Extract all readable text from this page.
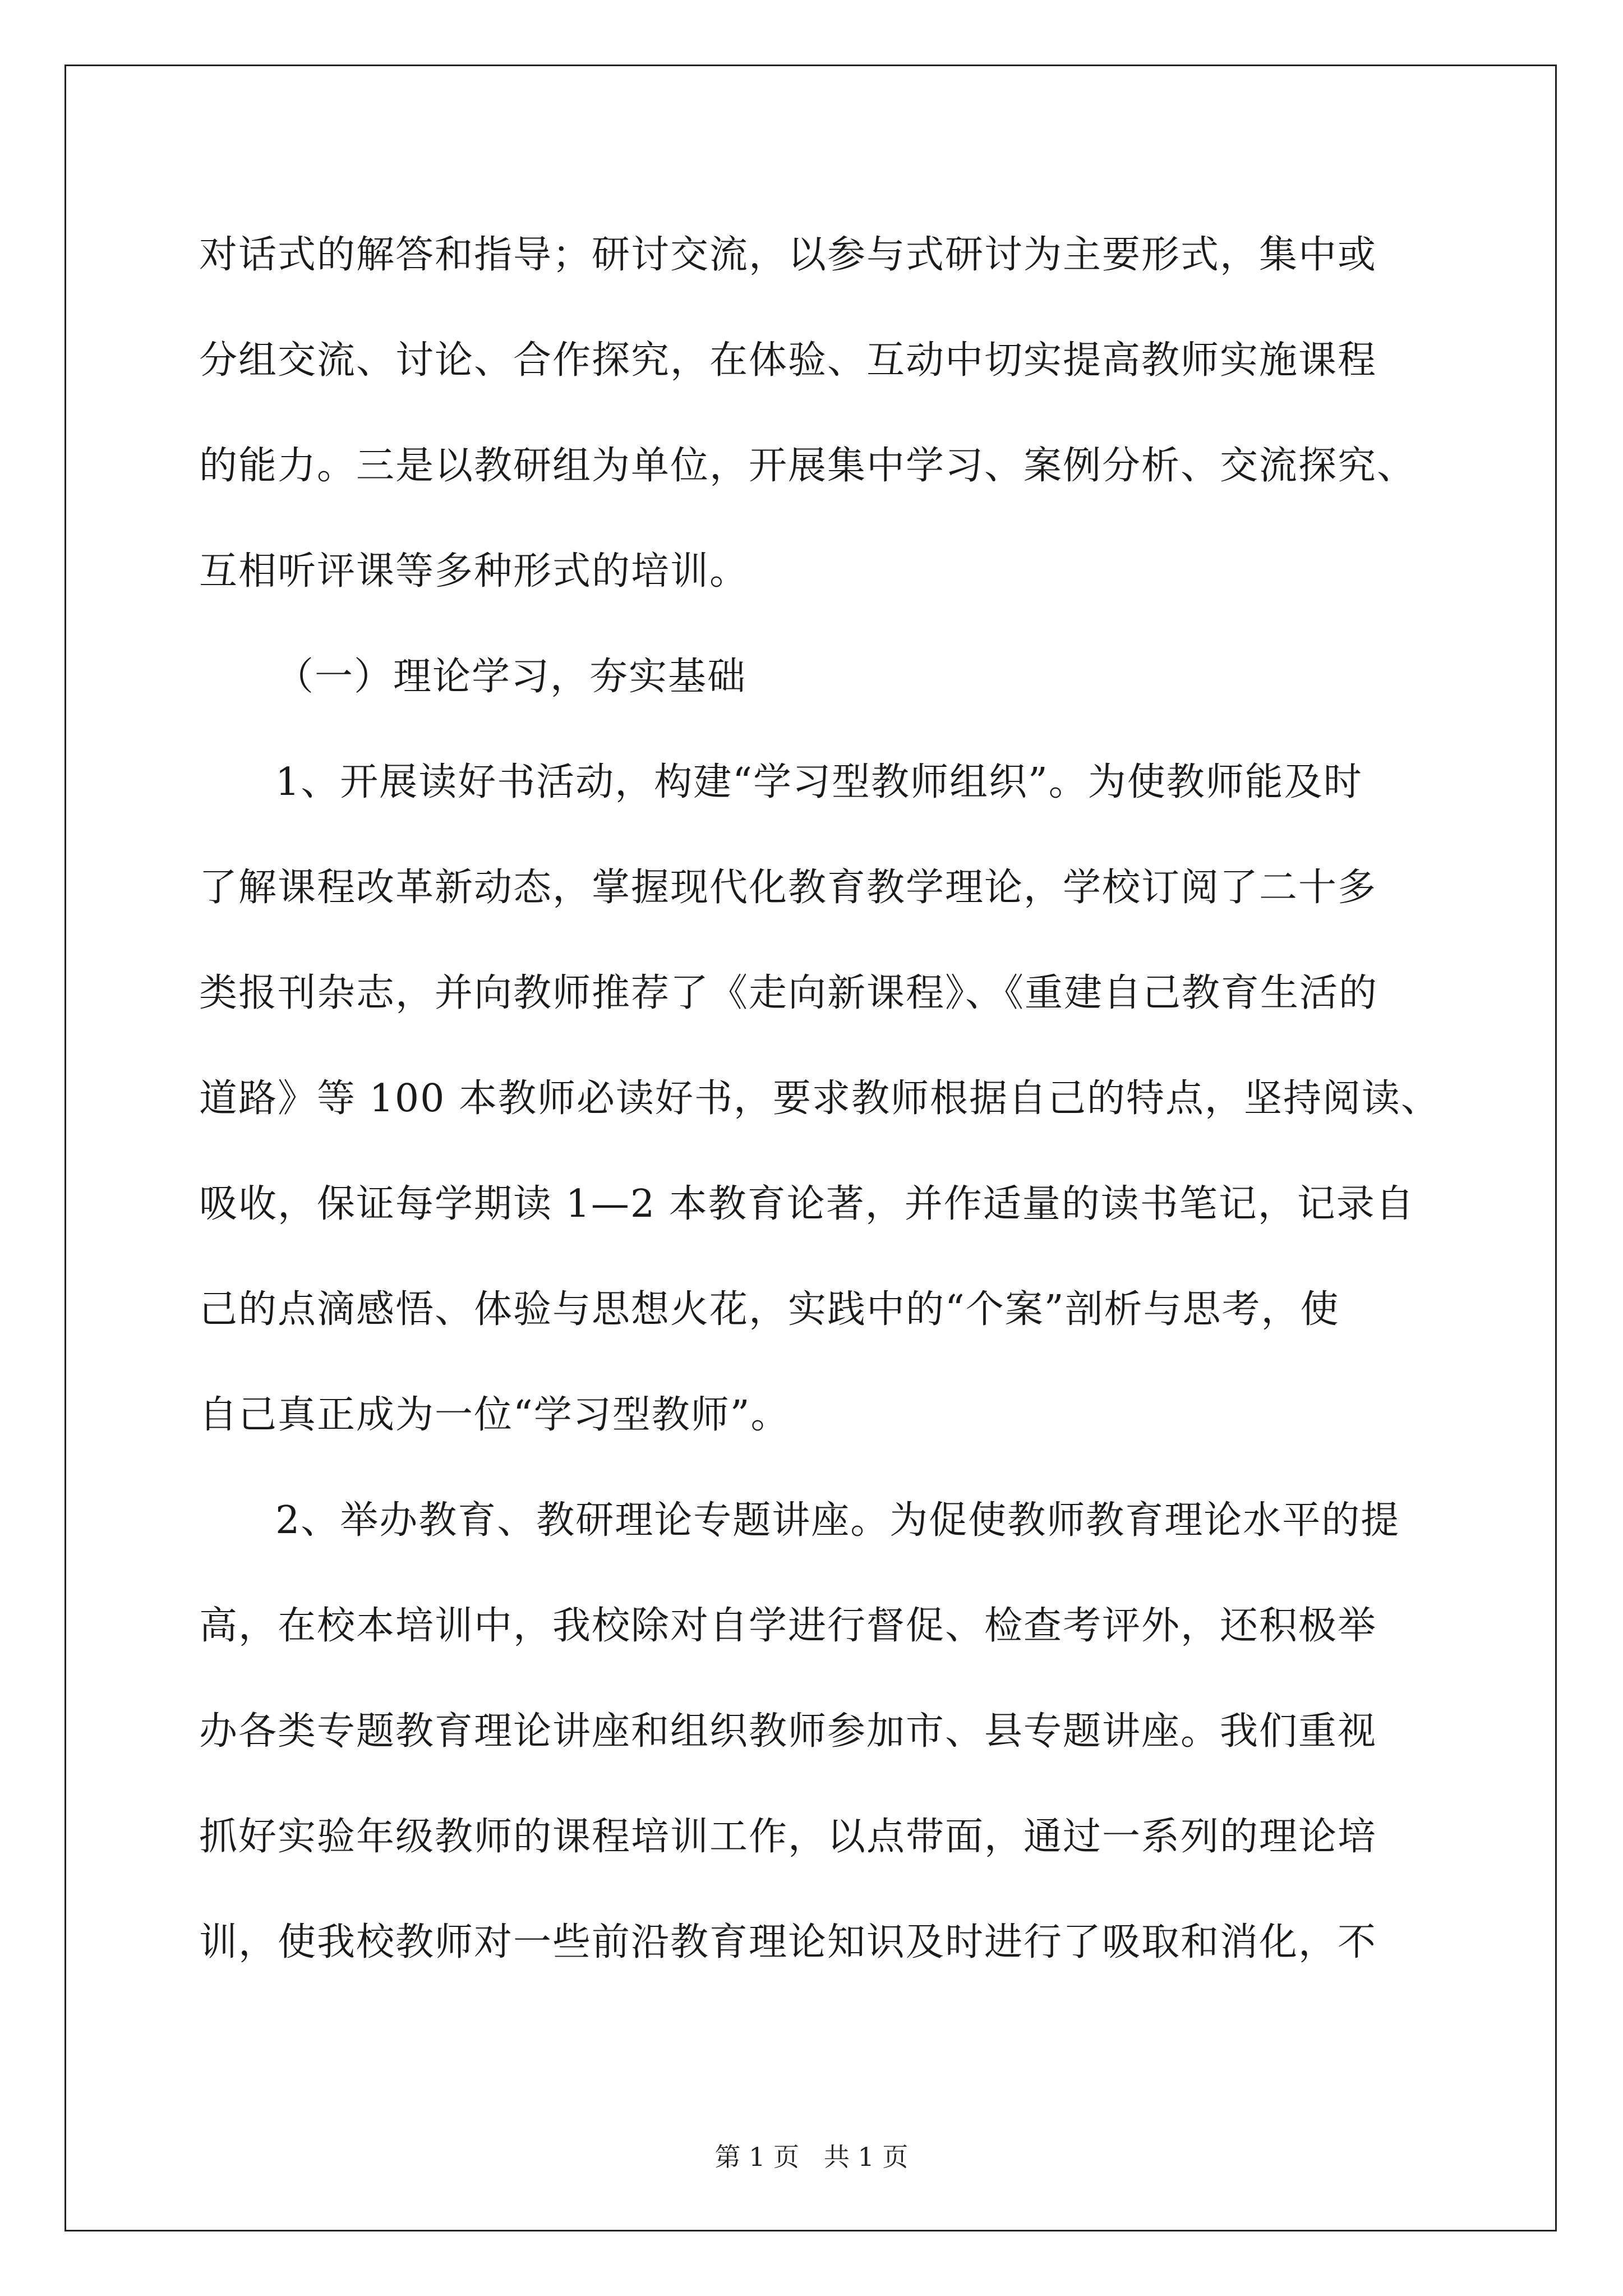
对话式的解答和指导；研讨交流，以参与式研讨为主要形式，集中或
分组交流、讨论、合作探究，在体验、互动中切实提高教师实施课程
的能力。三是以教研组为单位，开展集中学习、案例分析、交流探究、
互相听评课等多种形式的培训。
（一）理论学习，夯实基础
1、开展读好书活动，构建“学习型教师组织”。为使教师能及时
了解课程改革新动态，掌握现代化教育教学理论，学校订阅了二十多
类报刊杂志，并向教师推荐了《走向新课程》、《重建自己教育生活的
道路》等 100 本教师必读好书，要求教师根据自己的特点，坚持阅读、
吸收，保证每学期读 1—2 本教育论著，并作适量的读书笔记，记录自
己的点滴感悟、体验与思想火花，实践中的“个案”剖析与思考，使
自己真正成为一位“学习型教师”。
2、举办教育、教研理论专题讲座。为促使教师教育理论水平的提
高，在校本培训中，我校除对自学进行督促、检查考评外，还积极举
办各类专题教育理论讲座和组织教师参加市、县专题讲座。我们重视
抓好实验年级教师的课程培训工作，以点带面，通过一系列的理论培
训，使我校教师对一些前沿教育理论知识及时进行了吸取和消化，不
第 1 页   共 1 页
